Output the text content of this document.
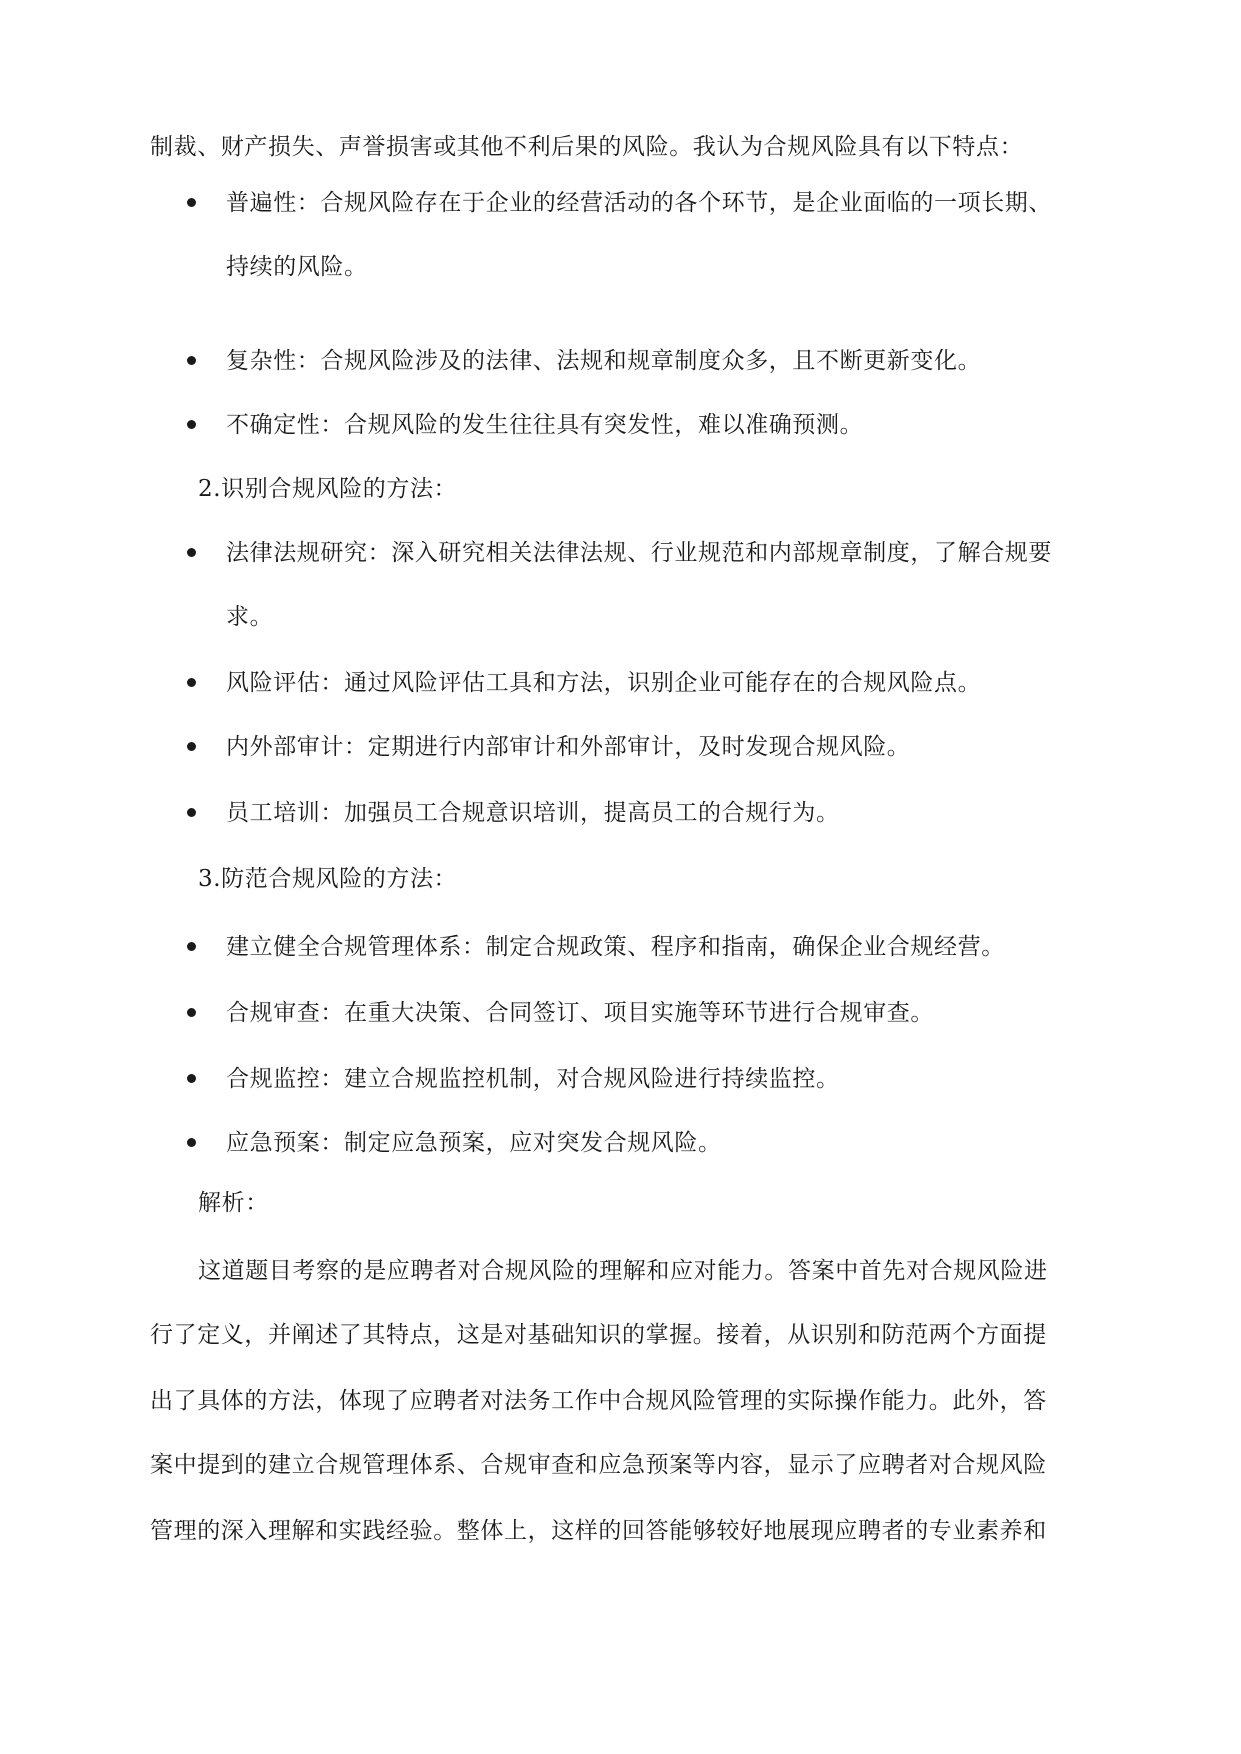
制裁、财产损失、声誉损害或其他不利后果的风险。我认为合规风险具有以下特点：
普遍性：合规风险存在于企业的经营活动的各个环节，是企业面临的一项长期、
持续的风险。
复杂性：合规风险涉及的法律、法规和规章制度众多，且不断更新变化。
不确定性：合规风险的发生往往具有突发性，难以准确预测。
2.识别合规风险的方法：
法律法规研究：深入研究相关法律法规、行业规范和内部规章制度，了解合规要
求。
风险评估：通过风险评估工具和方法，识别企业可能存在的合规风险点。
内外部审计：定期进行内部审计和外部审计，及时发现合规风险。
员工培训：加强员工合规意识培训，提高员工的合规行为。
3.防范合规风险的方法：
建立健全合规管理体系：制定合规政策、程序和指南，确保企业合规经营。
合规审查：在重大决策、合同签订、项目实施等环节进行合规审查。
合规监控：建立合规监控机制，对合规风险进行持续监控。
应急预案：制定应急预案，应对突发合规风险。
解析：
这道题目考察的是应聘者对合规风险的理解和应对能力。答案中首先对合规风险进
行了定义，并阐述了其特点，这是对基础知识的掌握。接着，从识别和防范两个方面提
出了具体的方法，体现了应聘者对法务工作中合规风险管理的实际操作能力。此外，答
案中提到的建立合规管理体系、合规审查和应急预案等内容，显示了应聘者对合规风险
管理的深入理解和实践经验。整体上，这样的回答能够较好地展现应聘者的专业素养和
